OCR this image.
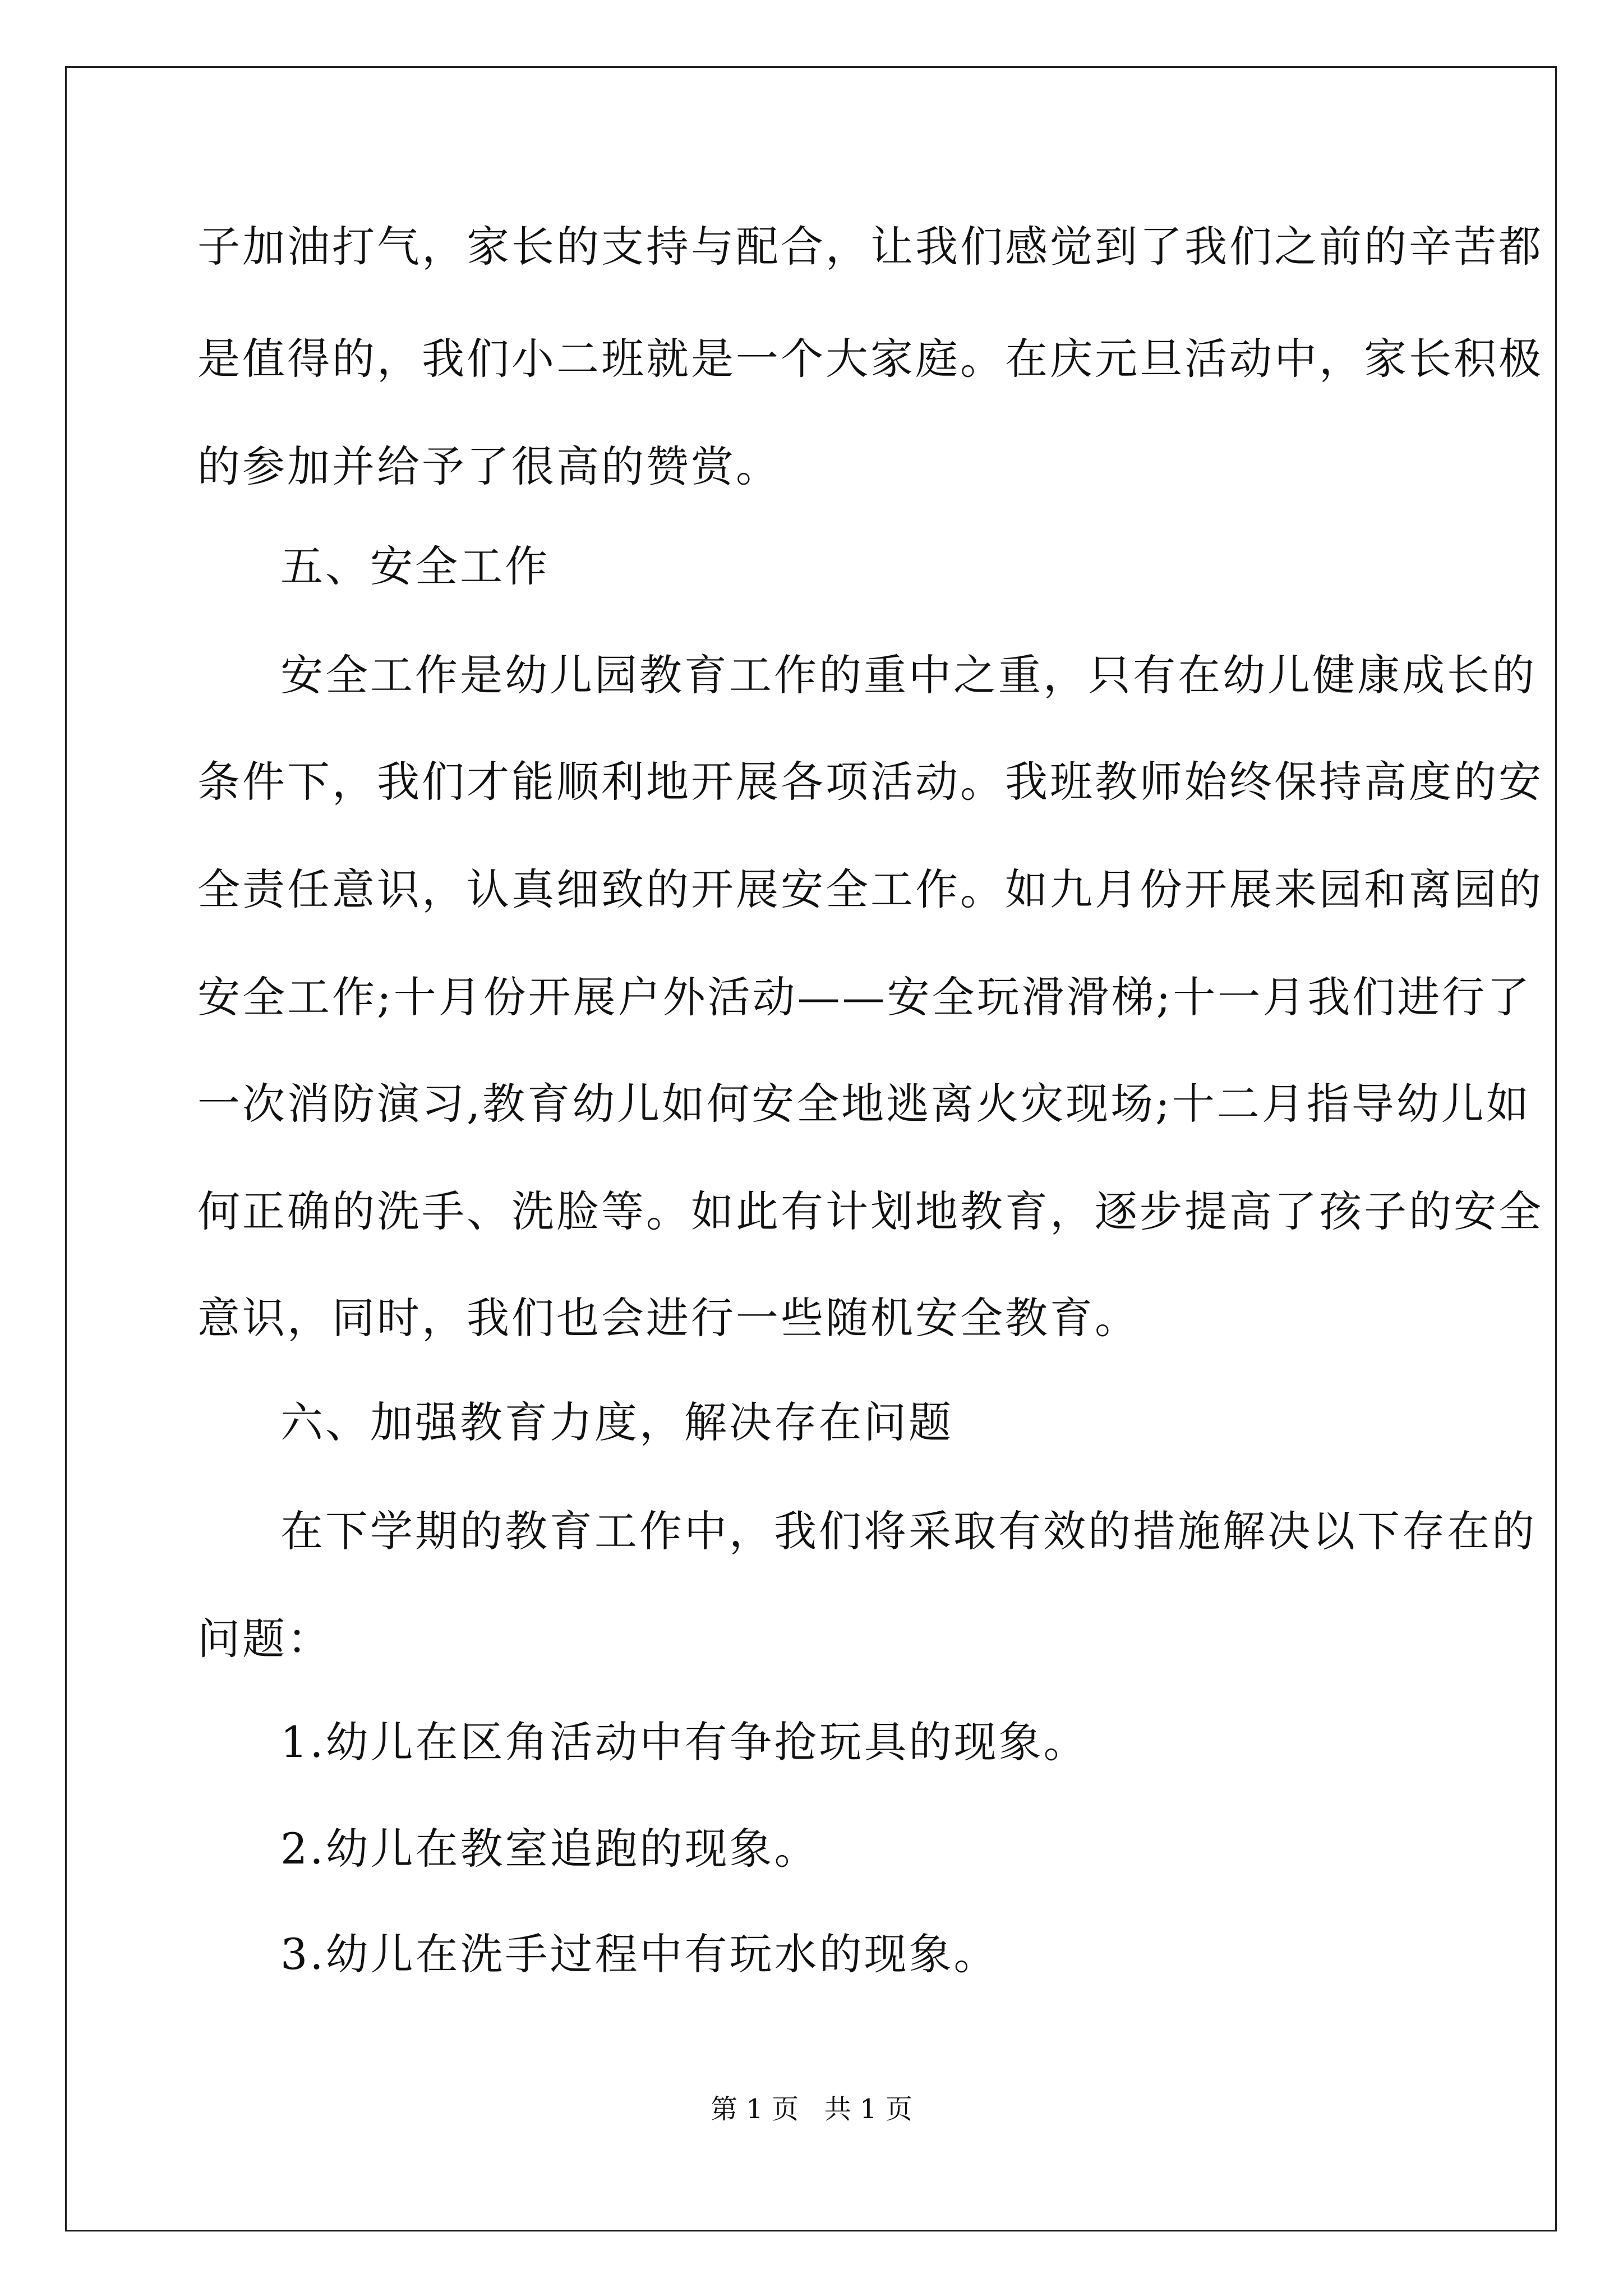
子加油打气，家长的支持与配合，让我们感觉到了我们之前的辛苦都
是值得的，我们小二班就是一个大家庭。在庆元旦活动中，家长积极
的参加并给予了很高的赞赏。
五、安全工作
安全工作是幼儿园教育工作的重中之重，只有在幼儿健康成长的
条件下，我们才能顺利地开展各项活动。我班教师始终保持高度的安
全责任意识，认真细致的开展安全工作。如九月份开展来园和离园的
安全工作;十月份开展户外活动——安全玩滑滑梯;十一月我们进行了
一次消防演习,教育幼儿如何安全地逃离火灾现场;十二月指导幼儿如
何正确的洗手、洗脸等。如此有计划地教育，逐步提高了孩子的安全
意识，同时，我们也会进行一些随机安全教育。
六、加强教育力度，解决存在问题
在下学期的教育工作中，我们将采取有效的措施解决以下存在的
问题：
1.幼儿在区角活动中有争抢玩具的现象。
2.幼儿在教室追跑的现象。
3.幼儿在洗手过程中有玩水的现象。
第 1 页   共 1 页
